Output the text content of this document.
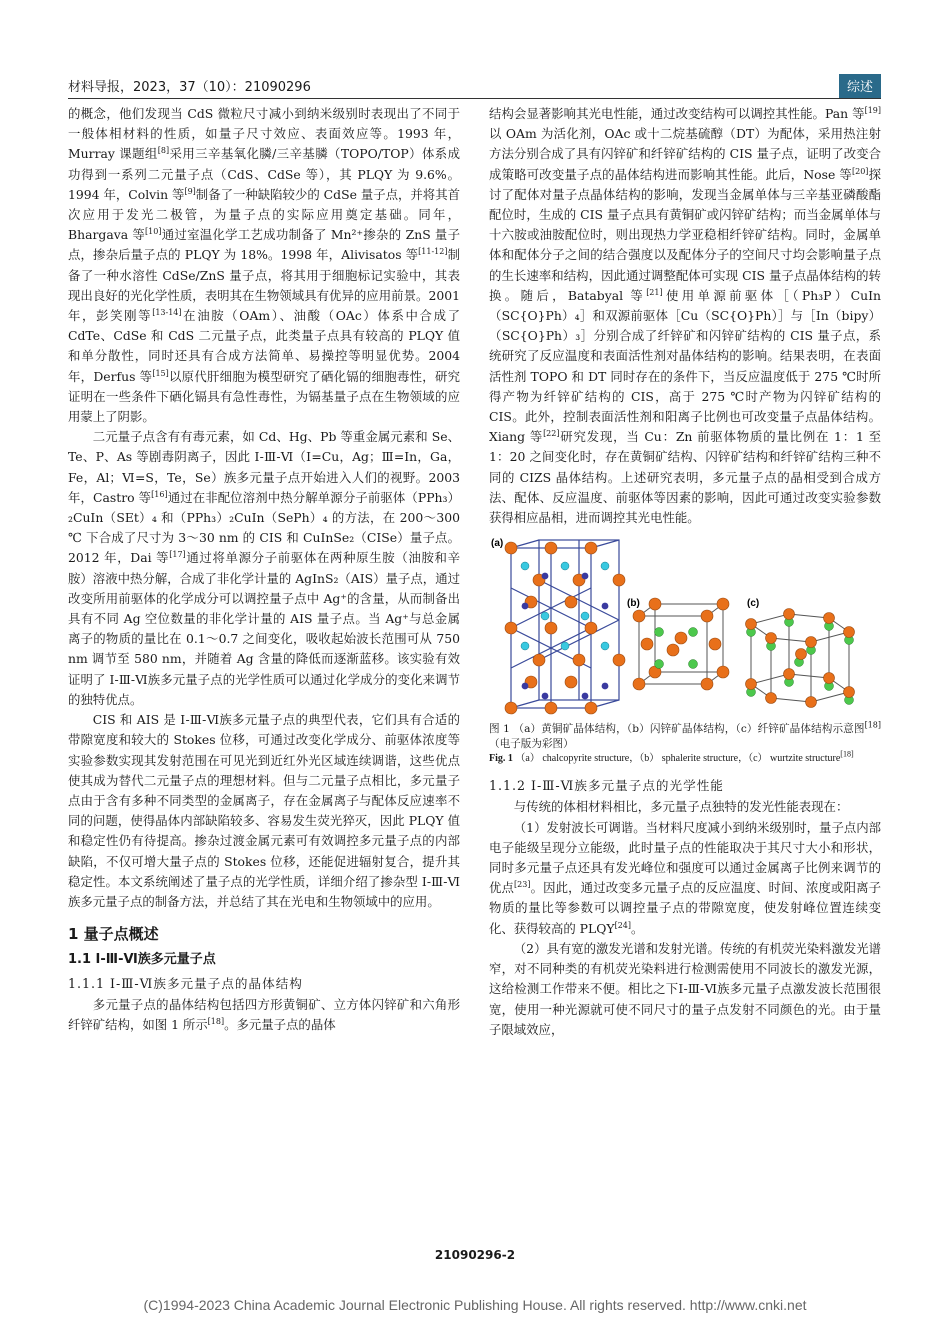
材料导报，2023，37（10）：21090296	综述

的概念，他们发现当 CdS 微粒尺寸减小到纳米级别时表现出了不同于一般体相材料的性质，如量子尺寸效应、表面效应等。1993 年，Murray 课题组[8]采用三辛基氧化膦/三辛基膦（TOPO/TOP）体系成功得到一系列二元量子点（CdS、CdSe 等），其 PLQY 为 9.6%。1994 年，Colvin 等[9]制备了一种缺陷较少的 CdSe 量子点，并将其首次应用于发光二极管，为量子点的实际应用奠定基础。同年，Bhargava 等[10]通过室温化学工艺成功制备了 Mn²⁺掺杂的 ZnS 量子点，掺杂后量子点的 PLQY 为 18%。1998 年，Alivisatos 等[11-12]制备了一种水溶性 CdSe/ZnS 量子点，将其用于细胞标记实验中，其表现出良好的光化学性质，表明其在生物领域具有优异的应用前景。2001 年，彭笑刚等[13-14]在油胺（OAm）、油酸（OAc）体系中合成了 CdTe、CdSe 和 CdS 二元量子点，此类量子点具有较高的 PLQY 值和单分散性，同时还具有合成方法简单、易操控等明显优势。2004 年，Derfus 等[15]以原代肝细胞为模型研究了硒化镉的细胞毒性，研究证明在一些条件下硒化镉具有急性毒性，为镉基量子点在生物领域的应用蒙上了阴影。

二元量子点含有有毒元素，如 Cd、Hg、Pb 等重金属元素和 Se、Te、P、As 等剧毒阴离子，因此 Ⅰ-Ⅲ-Ⅵ（Ⅰ=Cu，Ag；Ⅲ=In，Ga，Fe，Al；Ⅵ=S，Te，Se）族多元量子点开始进入人们的视野。2003 年，Castro 等[16]通过在非配位溶剂中热分解单源分子前驱体（PPh₃）₂CuIn（SEt）₄ 和（PPh₃）₂CuIn（SePh）₄ 的方法，在 200～300 ℃ 下合成了尺寸为 3～30 nm 的 CIS 和 CuInSe₂（CISe）量子点。2012 年，Dai 等[17]通过将单源分子前驱体在两种原生胺（油胺和辛胺）溶液中热分解，合成了非化学计量的 AgInS₂（AIS）量子点，通过改变所用前驱体的化学成分可以调控量子点中 Ag⁺的含量，从而制备出具有不同 Ag 空位数量的非化学计量的 AIS 量子点。当 Ag⁺与总金属离子的物质的量比在 0.1～0.7 之间变化，吸收起始波长范围可从 750 nm 调节至 580 nm，并随着 Ag 含量的降低而逐渐蓝移。该实验有效证明了 Ⅰ-Ⅲ-Ⅵ族多元量子点的光学性质可以通过化学成分的变化来调节的独特优点。

CIS 和 AIS 是 Ⅰ-Ⅲ-Ⅵ族多元量子点的典型代表，它们具有合适的带隙宽度和较大的 Stokes 位移，可通过改变化学成分、前驱体浓度等实验参数实现其发射范围在可见光到近红外光区域连续调谐，这些优点使其成为替代二元量子点的理想材料。但与二元量子点相比，多元量子点由于含有多种不同类型的金属离子，存在金属离子与配体反应速率不同的问题，使得晶体内部缺陷较多、容易发生荧光猝灭，因此 PLQY 值和稳定性仍有待提高。掺杂过渡金属元素可有效调控多元量子点的内部缺陷，不仅可增大量子点的 Stokes 位移，还能促进辐射复合，提升其稳定性。本文系统阐述了量子点的光学性质，详细介绍了掺杂型 Ⅰ-Ⅲ-Ⅵ族多元量子点的制备方法，并总结了其在光电和生物领域中的应用。

1 量子点概述
1.1 Ⅰ-Ⅲ-Ⅵ族多元量子点
1.1.1 Ⅰ-Ⅲ-Ⅵ族多元量子点的晶体结构

多元量子点的晶体结构包括四方形黄铜矿、立方体闪锌矿和六角形纤锌矿结构，如图 1 所示[18]。多元量子点的晶体

结构会显著影响其光电性能，通过改变结构可以调控其性能。Pan 等[19]以 OAm 为活化剂，OAc 或十二烷基硫醇（DT）为配体，采用热注射方法分别合成了具有闪锌矿和纤锌矿结构的 CIS 量子点，证明了改变合成策略可改变量子点的晶体结构进而影响其性能。此后，Nose 等[20]探讨了配体对量子点晶体结构的影响，发现当金属单体与三辛基亚磷酸酯配位时，生成的 CIS 量子点具有黄铜矿或闪锌矿结构；而当金属单体与十六胺或油胺配位时，则出现热力学亚稳相纤锌矿结构。同时，金属单体和配体分子之间的结合强度以及配体分子的空间尺寸均会影响量子点的生长速率和结构，因此通过调整配体可实现 CIS 量子点晶体结构的转换。随后，Batabyal 等[21]使用单源前驱体［（Ph₃P）CuIn（SC{O}Ph）₄］和双源前驱体［Cu（SC{O}Ph）］与［In（bipy）（SC{O}Ph）₃］分别合成了纤锌矿和闪锌矿结构的 CIS 量子点，系统研究了反应温度和表面活性剂对晶体结构的影响。结果表明，在表面活性剂 TOPO 和 DT 同时存在的条件下，当反应温度低于 275 ℃时所得产物为纤锌矿结构的 CIS，高于 275 ℃时产物为闪锌矿结构的 CIS。此外，控制表面活性剂和阳离子比例也可改变量子点晶体结构。Xiang 等[22]研究发现，当 Cu：Zn 前驱体物质的量比例在 1：1 至 1：20 之间变化时，存在黄铜矿结构、闪锌矿结构和纤锌矿结构三种不同的 CIZS 晶体结构。上述研究表明，多元量子点的晶相受到合成方法、配体、反应温度、前驱体等因素的影响，因此可通过改变实验参数获得相应晶相，进而调控其光电性能。

(a)
(b)	(c)
图 1 （a）黄铜矿晶体结构，（b）闪锌矿晶体结构，（c）纤锌矿晶体结构示意图[18]（电子版为彩图）
Fig. 1 （a） chalcopyrite structure，（b） sphalerite structure，（c） wurtzite structure[18]
1.1.2 Ⅰ-Ⅲ-Ⅵ族多元量子点的光学性能

与传统的体相材料相比，多元量子点独特的发光性能表现在：

（1）发射波长可调谐。当材料尺度减小到纳米级别时，量子点内部电子能级呈现分立能级，此时量子点的性能取决于其尺寸大小和形状，同时多元量子点还具有发光峰位和强度可以通过金属离子比例来调节的优点[23]。因此，通过改变多元量子点的反应温度、时间、浓度或阳离子物质的量比等参数可以调控量子点的带隙宽度，使发射峰位置连续变化、获得较高的 PLQY[24]。

（2）具有宽的激发光谱和发射光谱。传统的有机荧光染料激发光谱窄，对不同种类的有机荧光染料进行检测需使用不同波长的激发光源，这给检测工作带来不便。相比之下Ⅰ-Ⅲ-Ⅵ族多元量子点激发波长范围很宽，使用一种光源就可使不同尺寸的量子点发射不同颜色的光。由于量子限域效应，

21090296-2
(C)1994-2023 China Academic Journal Electronic Publishing House. All rights reserved. http://www.cnki.net
